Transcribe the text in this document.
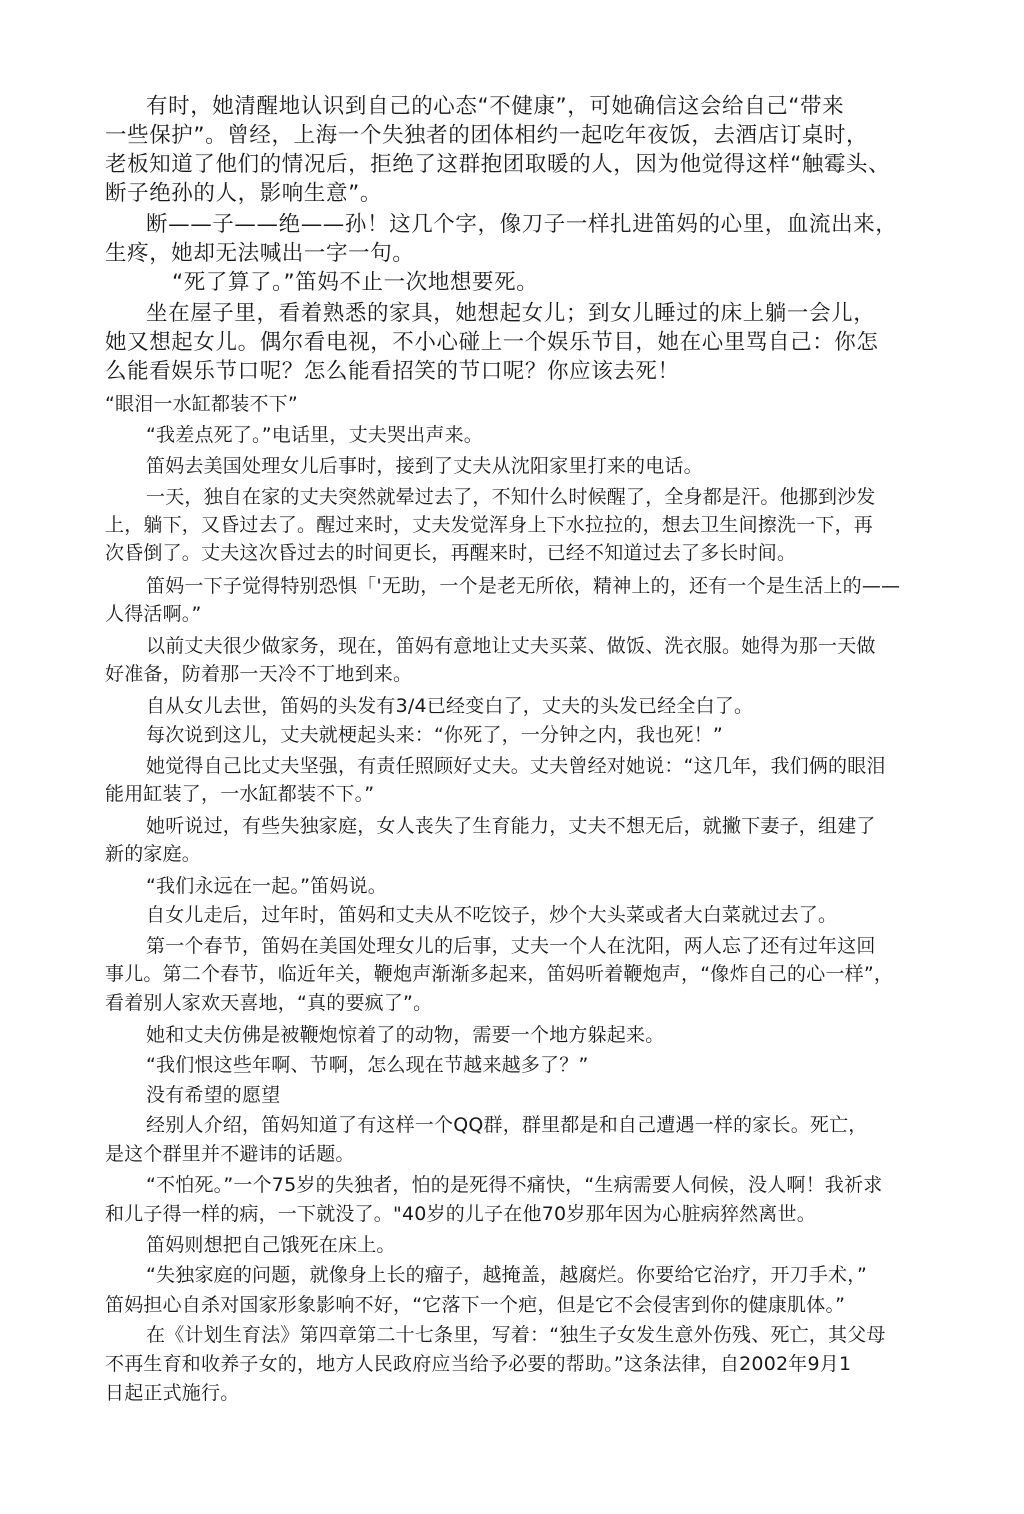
有时，她清醒地认识到自己的心态“不健康”，可她确信这会给自己“带来
一些保护”。曾经，上海一个失独者的团体相约一起吃年夜饭，去酒店订桌时，
老板知道了他们的情况后，拒绝了这群抱团取暖的人，因为他觉得这样“触霉头、
断子绝孙的人，影响生意”。
断——子——绝——孙！这几个字，像刀子一样扎进笛妈的心里，血流出来，
生疼，她却无法喊出一字一句。
“死了算了。”笛妈不止一次地想要死。
坐在屋子里，看着熟悉的家具，她想起女儿；到女儿睡过的床上躺一会儿，
她又想起女儿。偶尔看电视，不小心碰上一个娱乐节目，她在心里骂自己：你怎
么能看娱乐节口呢？怎么能看招笑的节口呢？你应该去死！
“眼泪一水缸都装不下”
“我差点死了。”电话里，丈夫哭出声来。
笛妈去美国处理女儿后事时，接到了丈夫从沈阳家里打来的电话。
一天，独自在家的丈夫突然就晕过去了，不知什么时候醒了，全身都是汗。他挪到沙发
上，躺下，又昏过去了。醒过来时，丈夫发觉浑身上下水拉拉的，想去卫生间擦洗一下，再
次昏倒了。丈夫这次昏过去的时间更长，再醒来时，已经不知道过去了多长时间。
笛妈一下子觉得特别恐惧「'无助，一个是老无所依，精神上的，还有一个是生活上的——
人得活啊。”
以前丈夫很少做家务，现在，笛妈有意地让丈夫买菜、做饭、洗衣服。她得为那一天做
好准备，防着那一天冷不丁地到来。
自从女儿去世，笛妈的头发有3/4已经变白了，丈夫的头发已经全白了。
每次说到这儿，丈夫就梗起头来：“你死了，一分钟之内，我也死！”
她觉得自己比丈夫坚强，有责任照顾好丈夫。丈夫曾经对她说：“这几年，我们俩的眼泪
能用缸装了，一水缸都装不下。”
她听说过，有些失独家庭，女人丧失了生育能力，丈夫不想无后，就撇下妻子，组建了
新的家庭。
“我们永远在一起。”笛妈说。
自女儿走后，过年时，笛妈和丈夫从不吃饺子，炒个大头菜或者大白菜就过去了。
第一个春节，笛妈在美国处理女儿的后事，丈夫一个人在沈阳，两人忘了还有过年这回
事儿。第二个春节，临近年关，鞭炮声渐渐多起来，笛妈听着鞭炮声，“像炸自己的心一样”，
看着别人家欢天喜地，“真的要疯了”。
她和丈夫仿佛是被鞭炮惊着了的动物，需要一个地方躲起来。
“我们恨这些年啊、节啊，怎么现在节越来越多了？”
没有希望的愿望
经别人介绍，笛妈知道了有这样一个QQ群，群里都是和自己遭遇一样的家长。死亡，
是这个群里并不避讳的话题。
“不怕死。”一个75岁的失独者，怕的是死得不痛快，“生病需要人伺候，没人啊！我祈求
和儿子得一样的病，一下就没了。"40岁的儿子在他70岁那年因为心脏病猝然离世。
笛妈则想把自己饿死在床上。
“失独家庭的问题，就像身上长的瘤子，越掩盖，越腐烂。你要给它治疗，开刀手术，”
笛妈担心自杀对国家形象影响不好，“它落下一个疤，但是它不会侵害到你的健康肌体。”
在《计划生育法》第四章第二十七条里，写着：“独生子女发生意外伤残、死亡，其父母
不再生育和收养子女的，地方人民政府应当给予必要的帮助。”这条法律，自2002年9月1
日起正式施行。
